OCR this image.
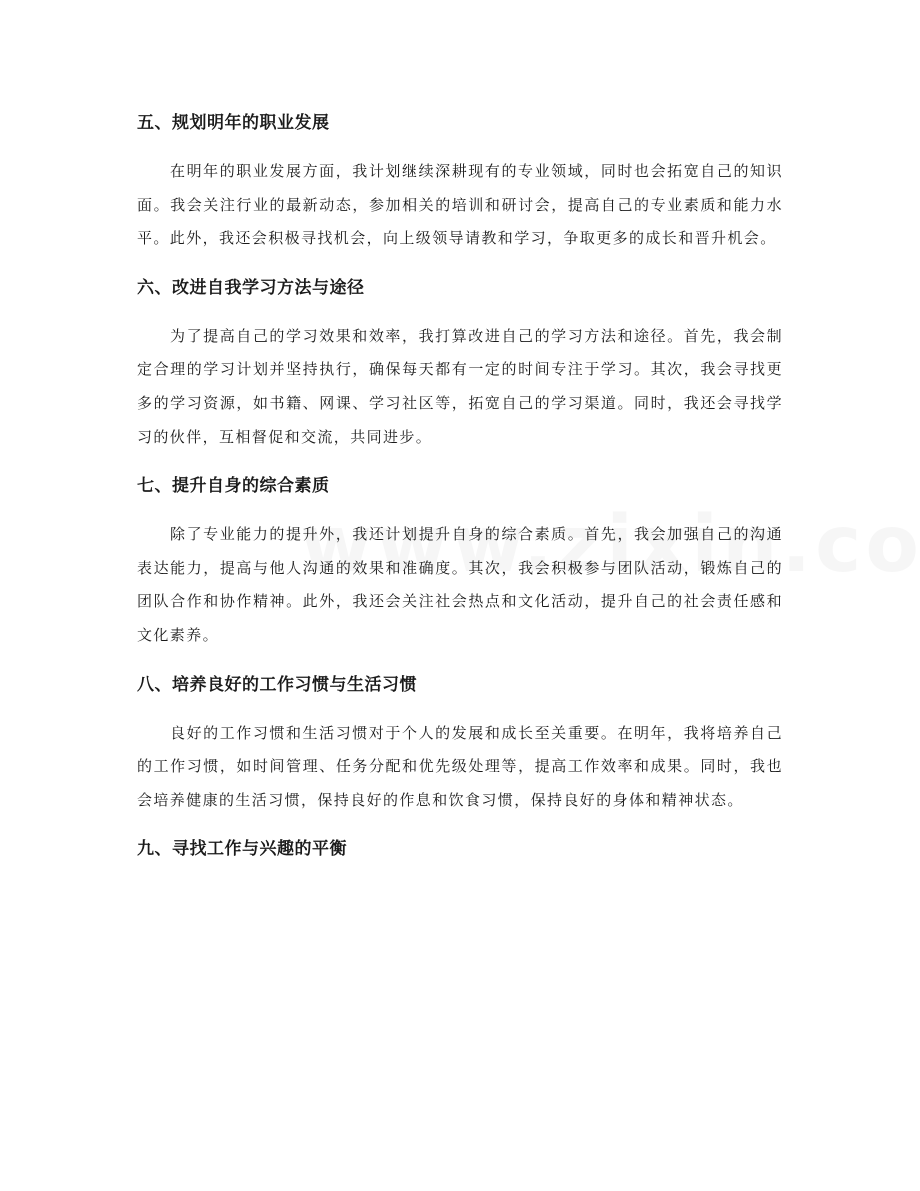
五、规划明年的职业发展

在明年的职业发展方面，我计划继续深耕现有的专业领域，同时也会拓宽自己的知识面。我会关注行业的最新动态，参加相关的培训和研讨会，提高自己的专业素质和能力水平。此外，我还会积极寻找机会，向上级领导请教和学习，争取更多的成长和晋升机会。

六、改进自我学习方法与途径

为了提高自己的学习效果和效率，我打算改进自己的学习方法和途径。首先，我会制定合理的学习计划并坚持执行，确保每天都有一定的时间专注于学习。其次，我会寻找更多的学习资源，如书籍、网课、学习社区等，拓宽自己的学习渠道。同时，我还会寻找学习的伙伴，互相督促和交流，共同进步。

七、提升自身的综合素质

除了专业能力的提升外，我还计划提升自身的综合素质。首先，我会加强自己的沟通表达能力，提高与他人沟通的效果和准确度。其次，我会积极参与团队活动，锻炼自己的团队合作和协作精神。此外，我还会关注社会热点和文化活动，提升自己的社会责任感和文化素养。

八、培养良好的工作习惯与生活习惯

良好的工作习惯和生活习惯对于个人的发展和成长至关重要。在明年，我将培养自己的工作习惯，如时间管理、任务分配和优先级处理等，提高工作效率和成果。同时，我也会培养健康的生活习惯，保持良好的作息和饮食习惯，保持良好的身体和精神状态。

九、寻找工作与兴趣的平衡
